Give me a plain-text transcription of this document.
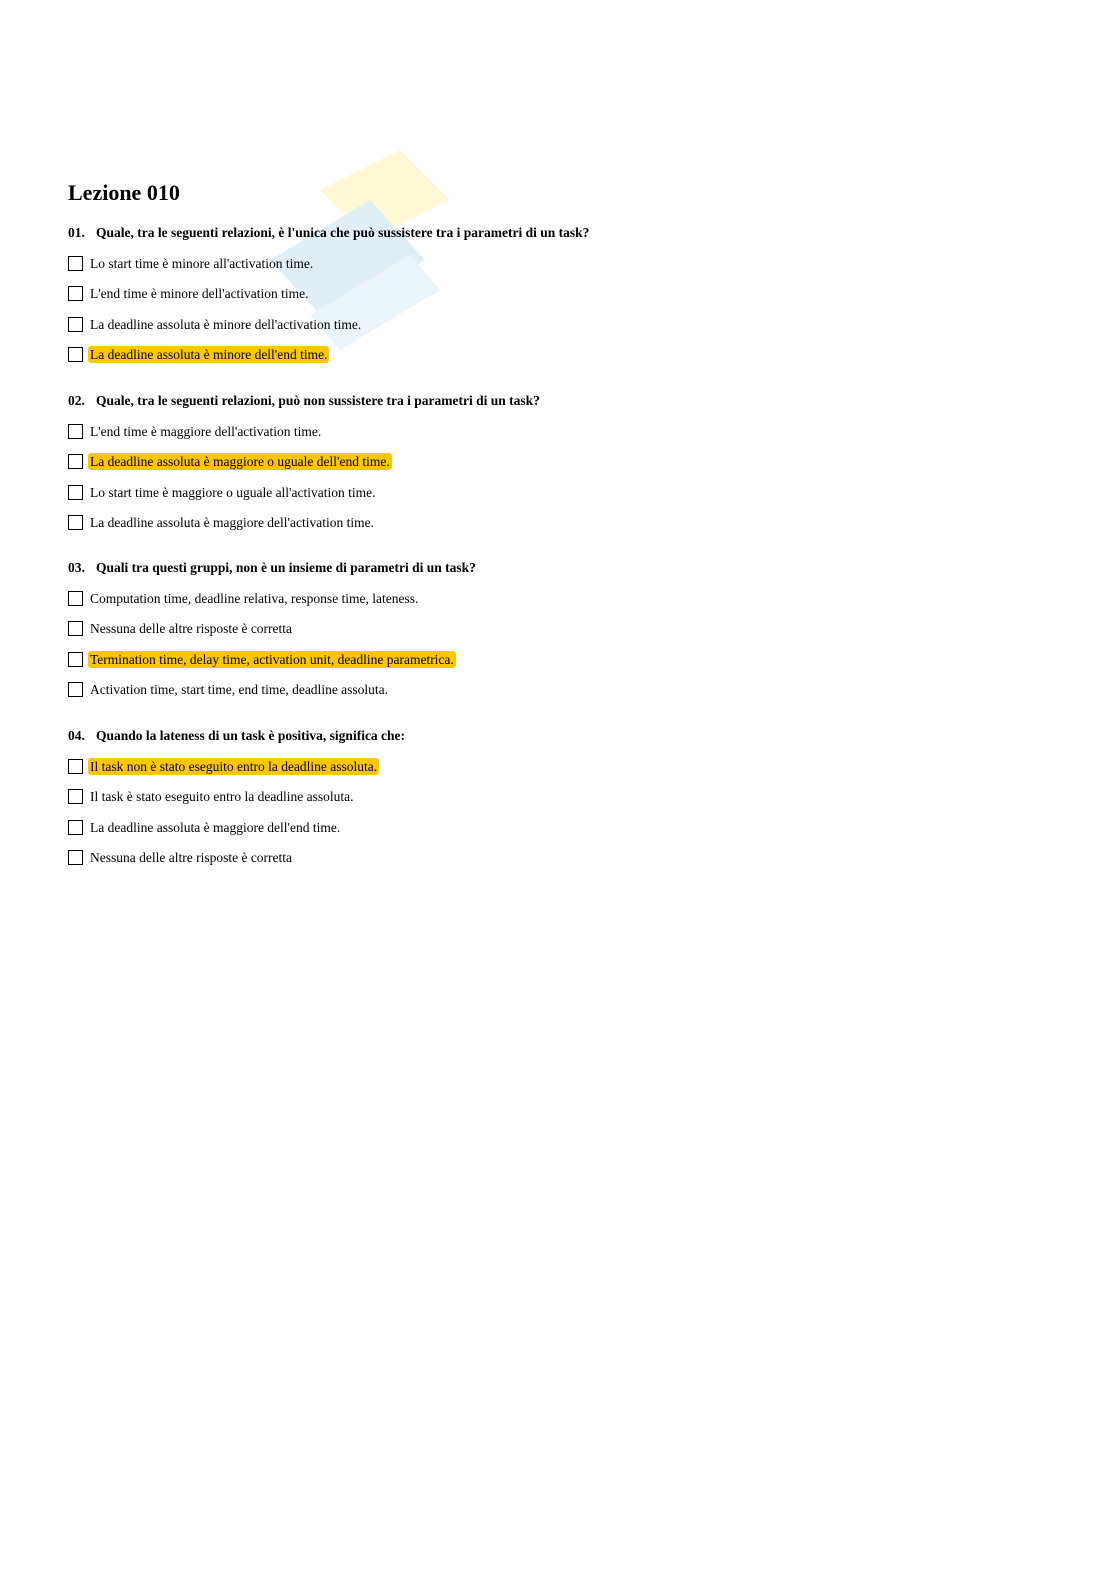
Lezione 010

01. Quale, tra le seguenti relazioni, è l'unica che può sussistere tra i parametri di un task?

Lo start time è minore all'activation time.
L'end time è minore dell'activation time.
La deadline assoluta è minore dell'activation time.
La deadline assoluta è minore dell'end time.

02. Quale, tra le seguenti relazioni, può non sussistere tra i parametri di un task?

L'end time è maggiore dell'activation time.
La deadline assoluta è maggiore o uguale dell'end time.
Lo start time è maggiore o uguale all'activation time.
La deadline assoluta è maggiore dell'activation time.

03. Quali tra questi gruppi, non è un insieme di parametri di un task?

Computation time, deadline relativa, response time, lateness.
Nessuna delle altre risposte è corretta
Termination time, delay time, activation unit, deadline parametrica.
Activation time, start time, end time, deadline assoluta.

04. Quando la lateness di un task è positiva, significa che:

Il task non è stato eseguito entro la deadline assoluta.
Il task è stato eseguito entro la deadline assoluta.
La deadline assoluta è maggiore dell'end time.
Nessuna delle altre risposte è corretta
